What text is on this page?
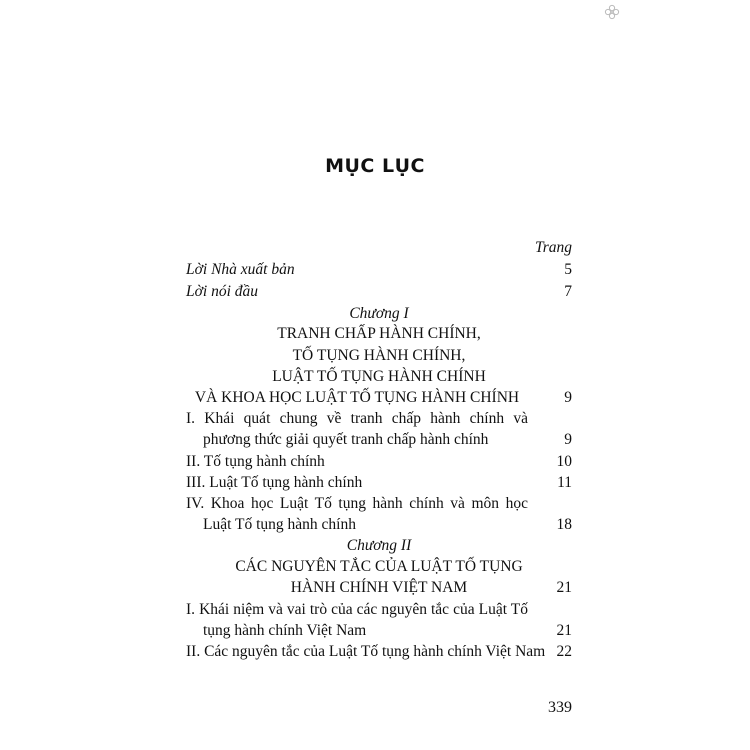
MỤC LỤC
Trang
Lời Nhà xuất bản	5
Lời nói đầu	7
Chương I
TRANH CHẤP HÀNH CHÍNH,
TỐ TỤNG HÀNH CHÍNH,
LUẬT TỐ TỤNG HÀNH CHÍNH
VÀ KHOA HỌC LUẬT TỐ TỤNG HÀNH CHÍNH	9
I. Khái quát chung về tranh chấp hành chính và
phương thức giải quyết tranh chấp hành chính	9
II. Tố tụng hành chính	10
III. Luật Tố tụng hành chính	11
IV. Khoa học Luật Tố tụng hành chính và môn học
Luật Tố tụng hành chính	18
Chương II
CÁC NGUYÊN TẮC CỦA LUẬT TỐ TỤNG
HÀNH CHÍNH VIỆT NAM	21
I. Khái niệm và vai trò của các nguyên tắc của Luật Tố
tụng hành chính Việt Nam	21
II. Các nguyên tắc của Luật Tố tụng hành chính Việt Nam 22
339
